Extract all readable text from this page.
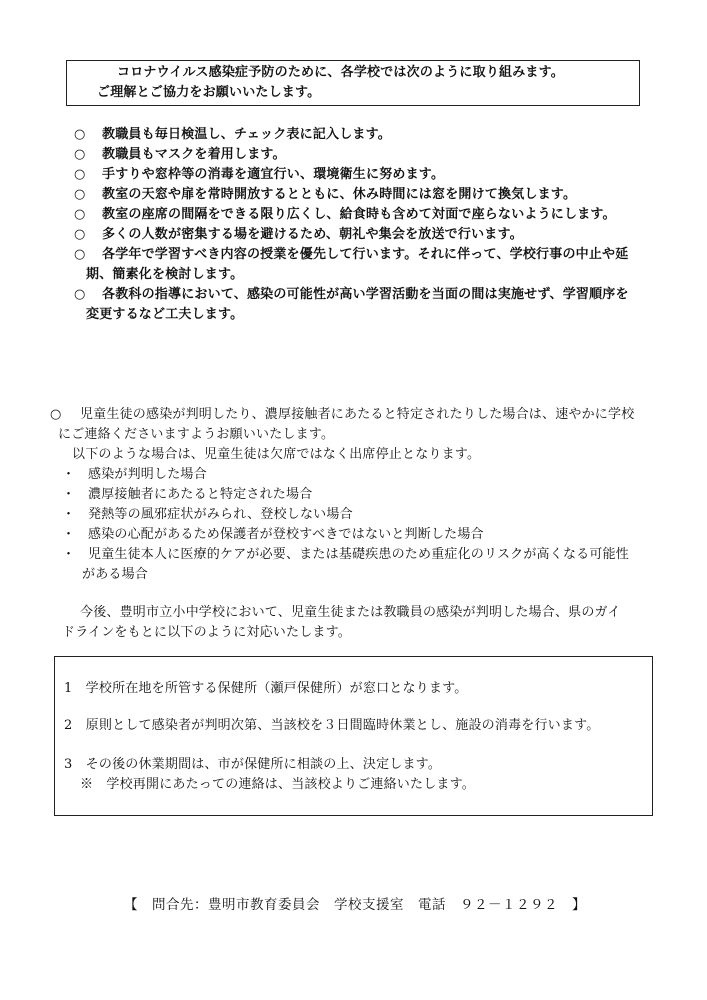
コロナウイルス感染症予防のために、各学校では次のように取り組みます。
ご理解とご協力をお願いいたします。
○ 教職員も毎日検温し、チェック表に記入します。
○ 教職員もマスクを着用します。
○ 手すりや窓枠等の消毒を適宜行い、環境衛生に努めます。
○ 教室の天窓や扉を常時開放するとともに、休み時間には窓を開けて換気します。
○ 教室の座席の間隔をできる限り広くし、給食時も含めて対面で座らないようにします。
○ 多くの人数が密集する場を避けるため、朝礼や集会を放送で行います。
○ 各学年で学習すべき内容の授業を優先して行います。それに伴って、学校行事の中止や延
期、簡素化を検討します。
○ 各教科の指導において、感染の可能性が高い学習活動を当面の間は実施せず、学習順序を
変更するなど工夫します。
○ 児童生徒の感染が判明したり、濃厚接触者にあたると特定されたりした場合は、速やかに学校
にご連絡くださいますようお願いいたします。
以下のような場合は、児童生徒は欠席ではなく出席停止となります。
・ 感染が判明した場合
・ 濃厚接触者にあたると特定された場合
・ 発熱等の風邪症状がみられ、登校しない場合
・ 感染の心配があるため保護者が登校すべきではないと判断した場合
・ 児童生徒本人に医療的ケアが必要、または基礎疾患のため重症化のリスクが高くなる可能性
がある場合
今後、豊明市立小中学校において、児童生徒または教職員の感染が判明した場合、県のガイ
ドラインをもとに以下のように対応いたします。
1　学校所在地を所管する保健所（瀬戸保健所）が窓口となります。
2　原則として感染者が判明次第、当該校を３日間臨時休業とし、施設の消毒を行います。
3　その後の休業期間は、市が保健所に相談の上、決定します。
※　学校再開にあたっての連絡は、当該校よりご連絡いたします。
【　問合先：豊明市教育委員会　学校支援室　電話　９２－１２９２　】
